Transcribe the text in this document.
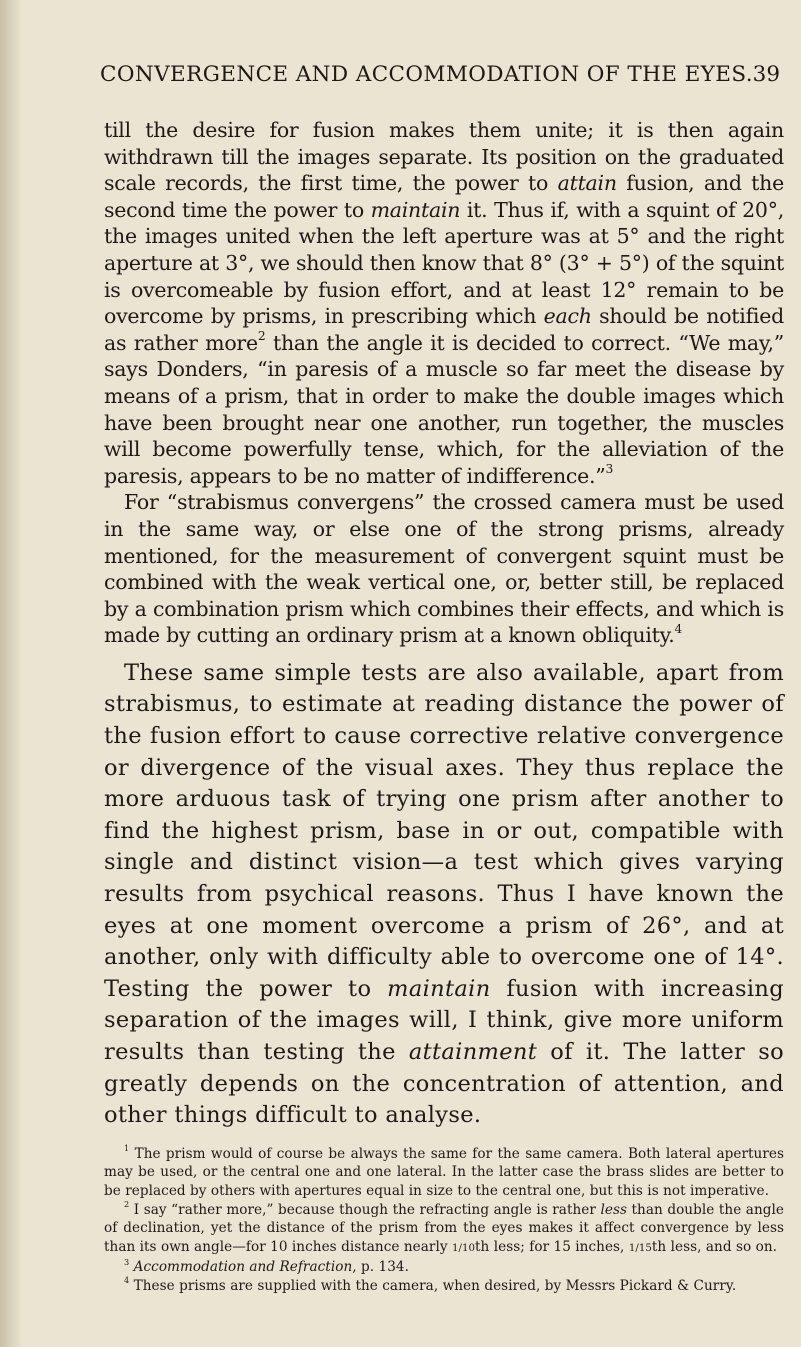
CONVERGENCE AND ACCOMMODATION OF THE EYES. 39

till the desire for fusion makes them unite; it is then again withdrawn till the images separate. Its position on the graduated scale records, the first time, the power to attain fusion, and the second time the power to maintain it. Thus if, with a squint of 20°, the images united when the left aperture was at 5° and the right aperture at 3°, we should then know that 8° (3° + 5°) of the squint is overcomeable by fusion effort, and at least 12° remain to be overcome by prisms, in prescribing which each should be notified as rather more$^2$ than the angle it is decided to correct. “We may,” says Donders, “in paresis of a muscle so far meet the disease by means of a prism, that in order to make the double images which have been brought near one another, run together, the muscles will become powerfully tense, which, for the alleviation of the paresis, appears to be no matter of indifference.”$^3$

For “strabismus convergens” the crossed camera must be used in the same way, or else one of the strong prisms, already mentioned, for the measurement of convergent squint must be combined with the weak vertical one, or, better still, be replaced by a combination prism which combines their effects, and which is made by cutting an ordinary prism at a known obliquity.$^4$

These same simple tests are also available, apart from strabismus, to estimate at reading distance the power of the fusion effort to cause corrective relative convergence or divergence of the visual axes. They thus replace the more arduous task of trying one prism after another to find the highest prism, base in or out, compatible with single and distinct vision—a test which gives varying results from psychical reasons. Thus I have known the eyes at one moment overcome a prism of 26°, and at another, only with difficulty able to overcome one of 14°. Testing the power to maintain fusion with increasing separation of the images will, I think, give more uniform results than testing the attainment of it. The latter so greatly depends on the concentration of attention, and other things difficult to analyse.

$^1$ The prism would of course be always the same for the same camera. Both lateral apertures may be used, or the central one and one lateral. In the latter case the brass slides are better to be replaced by others with apertures equal in size to the central one, but this is not imperative.

$^2$ I say “rather more,” because though the refracting angle is rather less than double the angle of declination, yet the distance of the prism from the eyes makes it affect convergence by less than its own angle—for 10 inches distance nearly 1/10th less; for 15 inches, 1/15th less, and so on.

$^3$ Accommodation and Refraction, p. 134.

$^4$ These prisms are supplied with the camera, when desired, by Messrs Pickard & Curry.
